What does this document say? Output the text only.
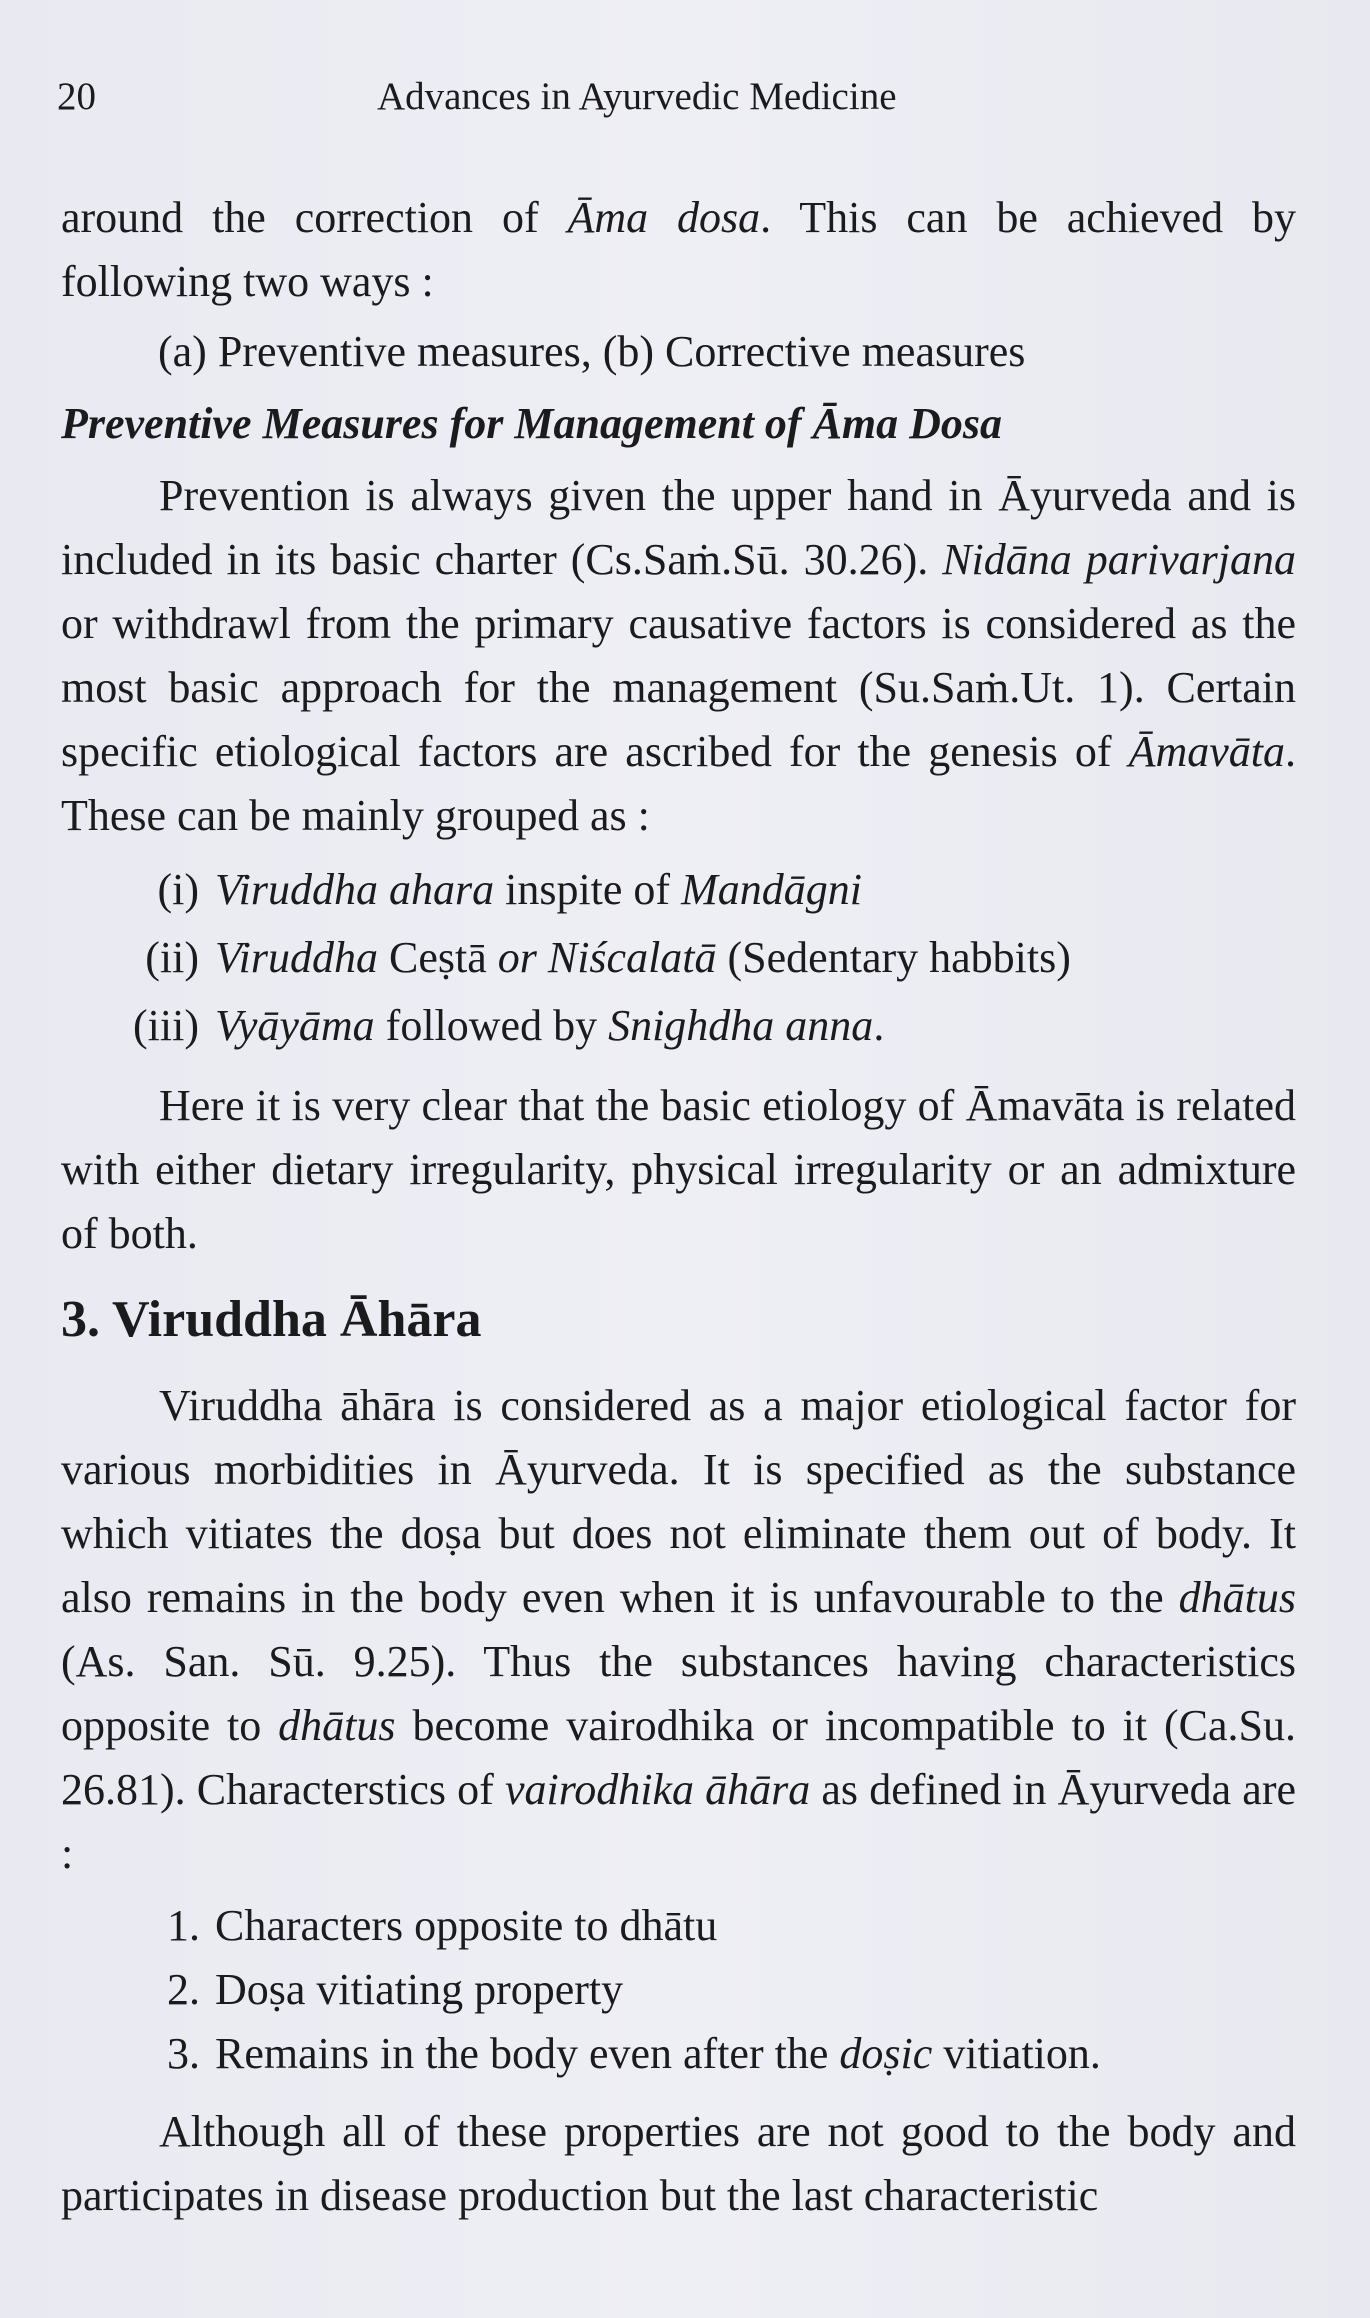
20	Advances in Ayurvedic Medicine

around the correction of Āma dosa. This can be achieved by following two ways :

(a) Preventive measures, (b) Corrective measures

Preventive Measures for Management of Āma Dosa

Prevention is always given the upper hand in Āyurveda and is included in its basic charter (Cs.Saṁ.Sū. 30.26). Nidāna parivarjana or withdrawl from the primary causative factors is considered as the most basic approach for the management (Su.Saṁ.Ut. 1). Certain specific etiological factors are ascribed for the genesis of Āmavāta. These can be mainly grouped as :

(i) Viruddha ahara inspite of Mandāgni
(ii) Viruddha Ceṣtā or Niścalatā (Sedentary habbits)
(iii) Vyāyāma followed by Snighdha anna.

Here it is very clear that the basic etiology of Āmavāta is related with either dietary irregularity, physical irregularity or an admixture of both.

3. Viruddha Āhāra

Viruddha āhāra is considered as a major etiological factor for various morbidities in Āyurveda. It is specified as the substance which vitiates the doṣa but does not eliminate them out of body. It also remains in the body even when it is unfavourable to the dhātus (As. San. Sū. 9.25). Thus the substances having characteristics opposite to dhātus become vairodhika or incompatible to it (Ca.Su. 26.81). Characterstics of vairodhika āhāra as defined in Āyurveda are :

1. Characters opposite to dhātu
2. Doṣa vitiating property
3. Remains in the body even after the doṣic vitiation.

Although all of these properties are not good to the body and participates in disease production but the last characteristic
